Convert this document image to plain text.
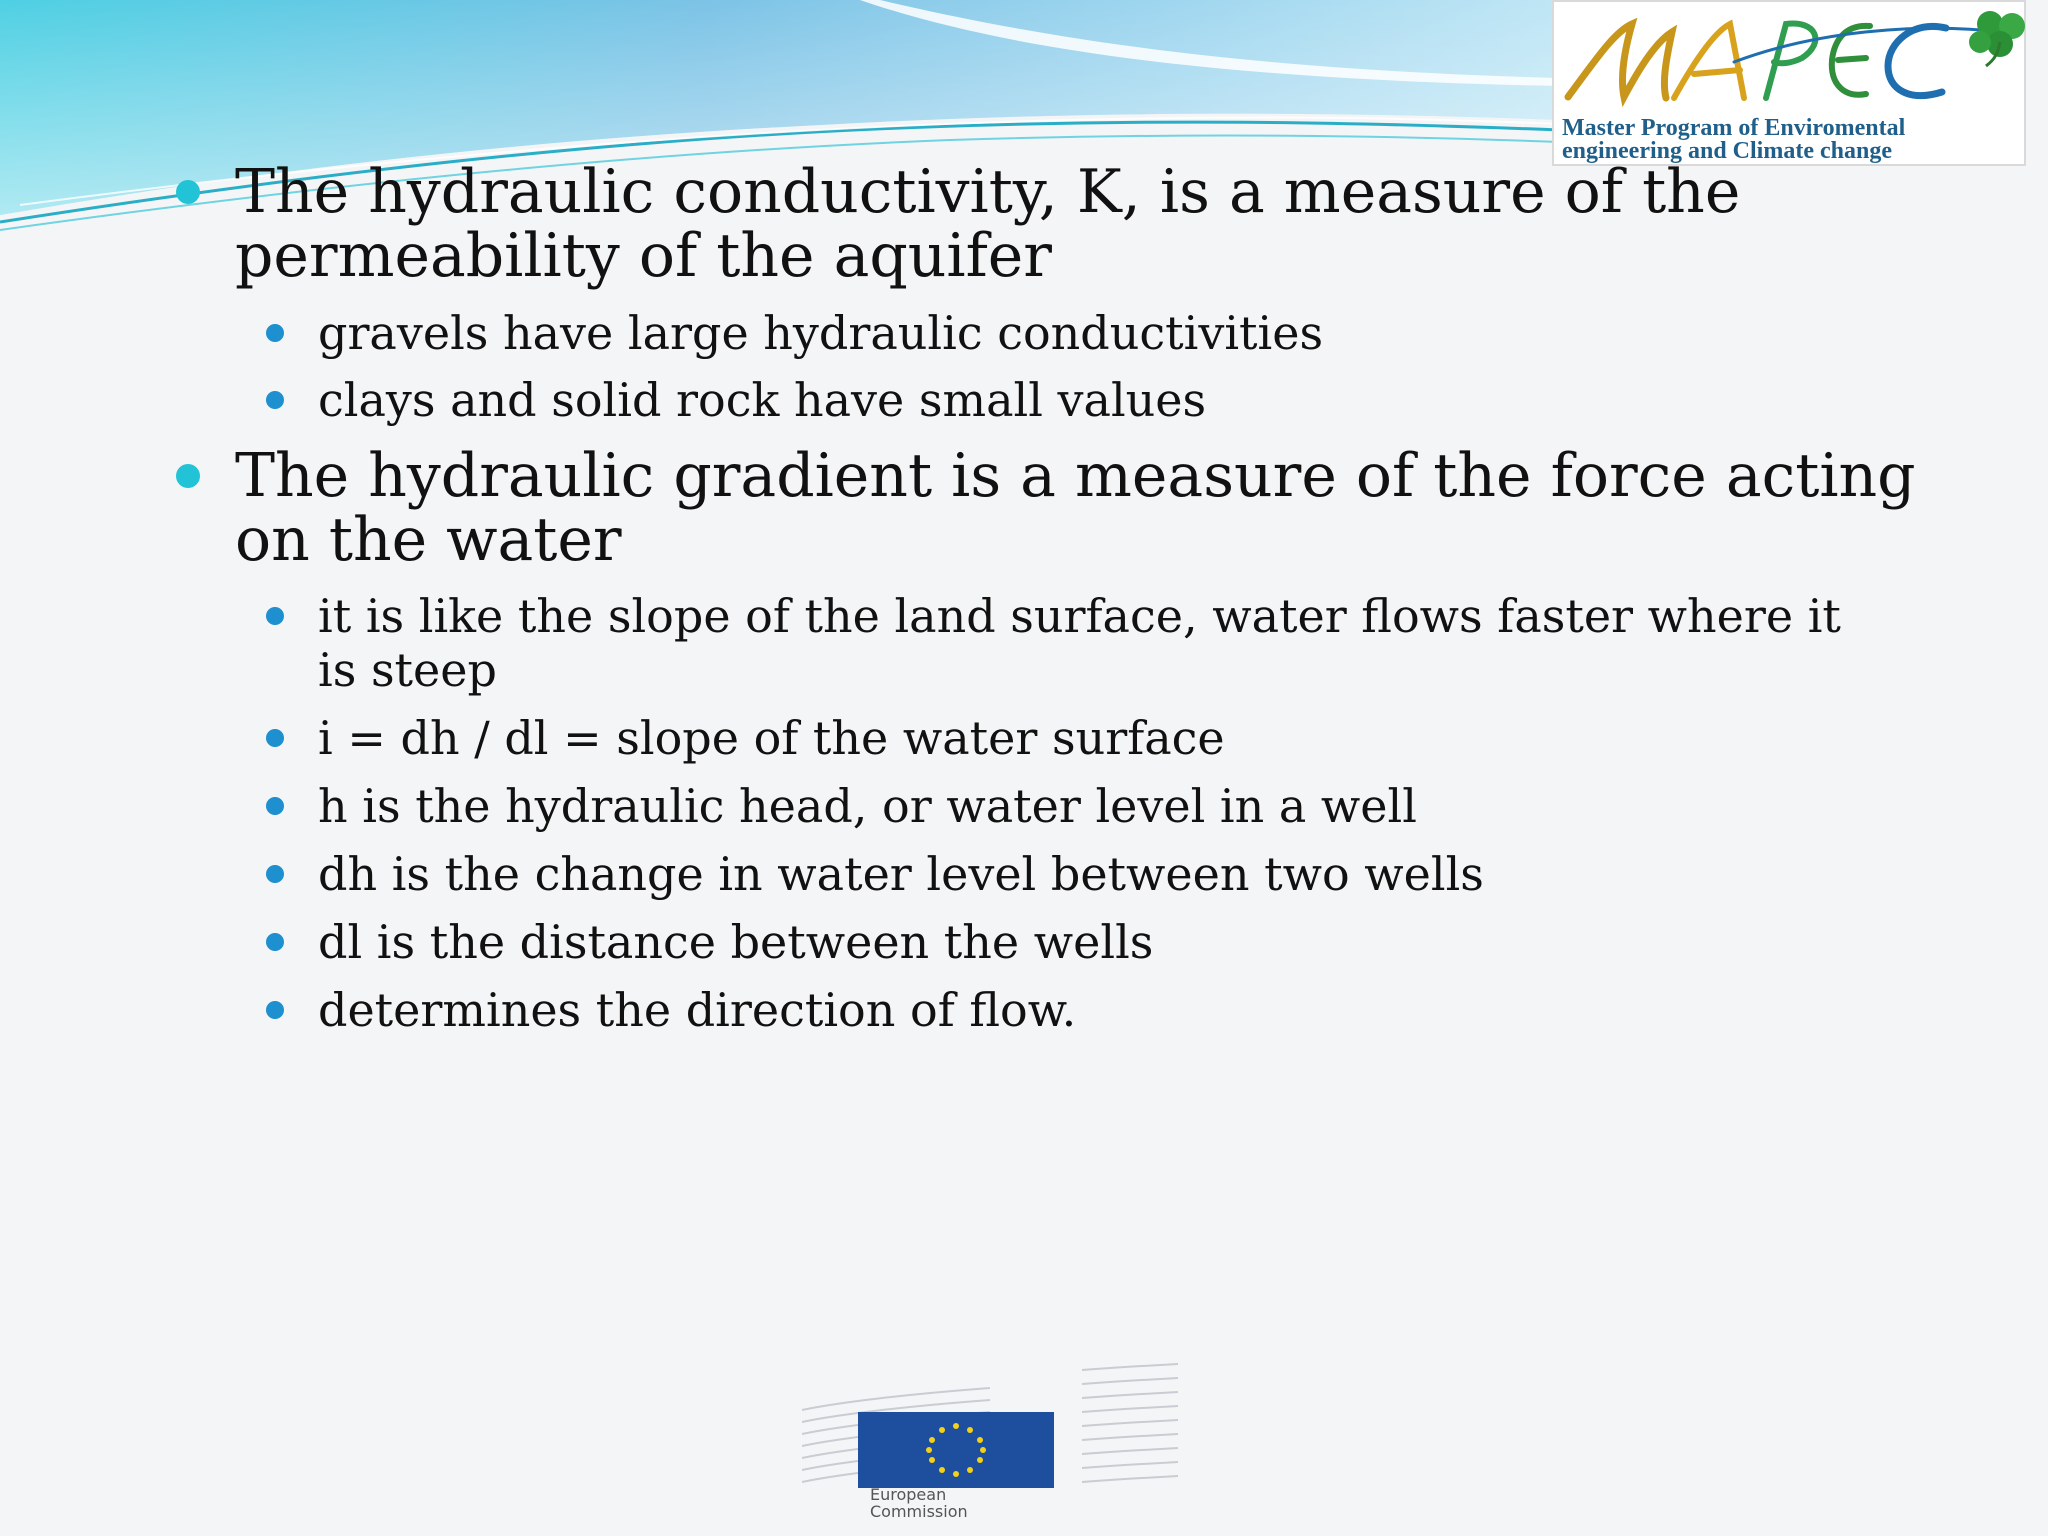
Master Program of Enviromental
engineering and Climate change
The hydraulic conductivity, K, is a measure of the
permeability of the aquifer
gravels have large hydraulic conductivities
clays and solid rock have small values
The hydraulic gradient is a measure of the force acting
on the water
it is like the slope of the land surface, water flows faster where it
is steep
i = dh / dl = slope of the water surface
h is the hydraulic head, or water level in a well
dh is the change in water level between two wells
dl is the distance between the wells
determines the direction of flow.
European
Commission
